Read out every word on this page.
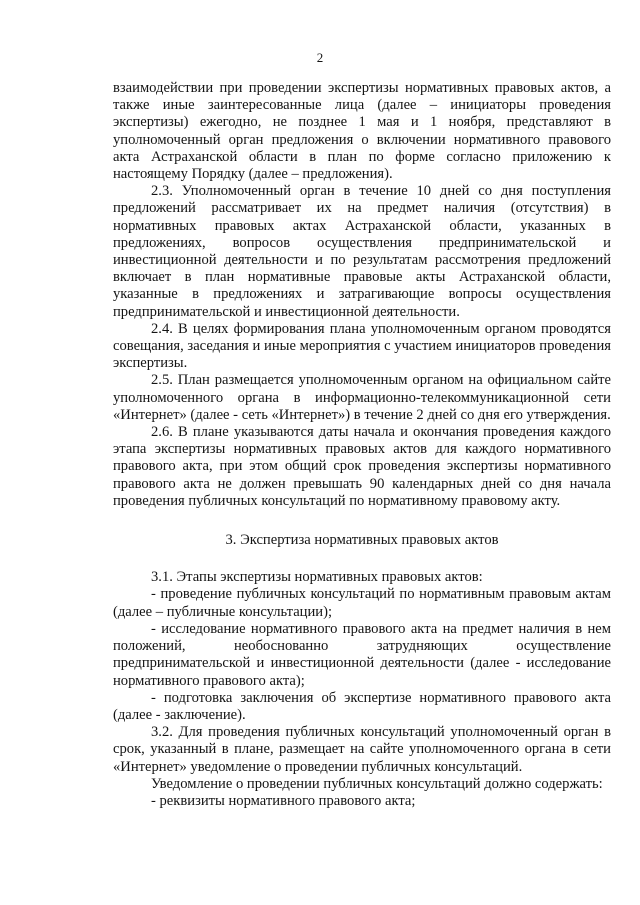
2

взаимодействии при проведении экспертизы нормативных правовых актов, а также иные заинтересованные лица (далее – инициаторы проведения экспертизы) ежегодно, не позднее 1 мая и 1 ноября, представляют в уполномоченный орган предложения о включении нормативного правового акта Астраханской области в план по форме согласно приложению к настоящему Порядку (далее – предложения).

2.3. Уполномоченный орган в течение 10 дней со дня поступления предложений рассматривает их на предмет наличия (отсутствия) в нормативных правовых актах Астраханской области, указанных в предложениях, вопросов осуществления предпринимательской и инвестиционной деятельности и по результатам рассмотрения предложений включает в план нормативные правовые акты Астраханской области, указанные в предложениях и затрагивающие вопросы осуществления предпринимательской и инвестиционной деятельности.

2.4. В целях формирования плана уполномоченным органом проводятся совещания, заседания и иные мероприятия с участием инициаторов проведения экспертизы.

2.5. План размещается уполномоченным органом на официальном сайте уполномоченного органа в информационно-телекоммуникационной сети «Интернет» (далее - сеть «Интернет») в течение 2 дней со дня его утверждения.

2.6. В плане указываются даты начала и окончания проведения каждого этапа экспертизы нормативных правовых актов для каждого нормативного правового акта, при этом общий срок проведения экспертизы нормативного правового акта не должен превышать 90 календарных дней со дня начала проведения публичных консультаций по нормативному правовому акту.

3. Экспертиза нормативных правовых актов

3.1. Этапы экспертизы нормативных правовых актов:

- проведение публичных консультаций по нормативным правовым актам (далее – публичные консультации);

- исследование нормативного правового акта на предмет наличия в нем положений, необоснованно затрудняющих осуществление предпринимательской и инвестиционной деятельности (далее - исследование нормативного правового акта);

- подготовка заключения об экспертизе нормативного правового акта (далее - заключение).

3.2. Для проведения публичных консультаций уполномоченный орган в срок, указанный в плане, размещает на сайте уполномоченного органа в сети «Интернет» уведомление о проведении публичных консультаций.

Уведомление о проведении публичных консультаций должно содержать:

- реквизиты нормативного правового акта;
